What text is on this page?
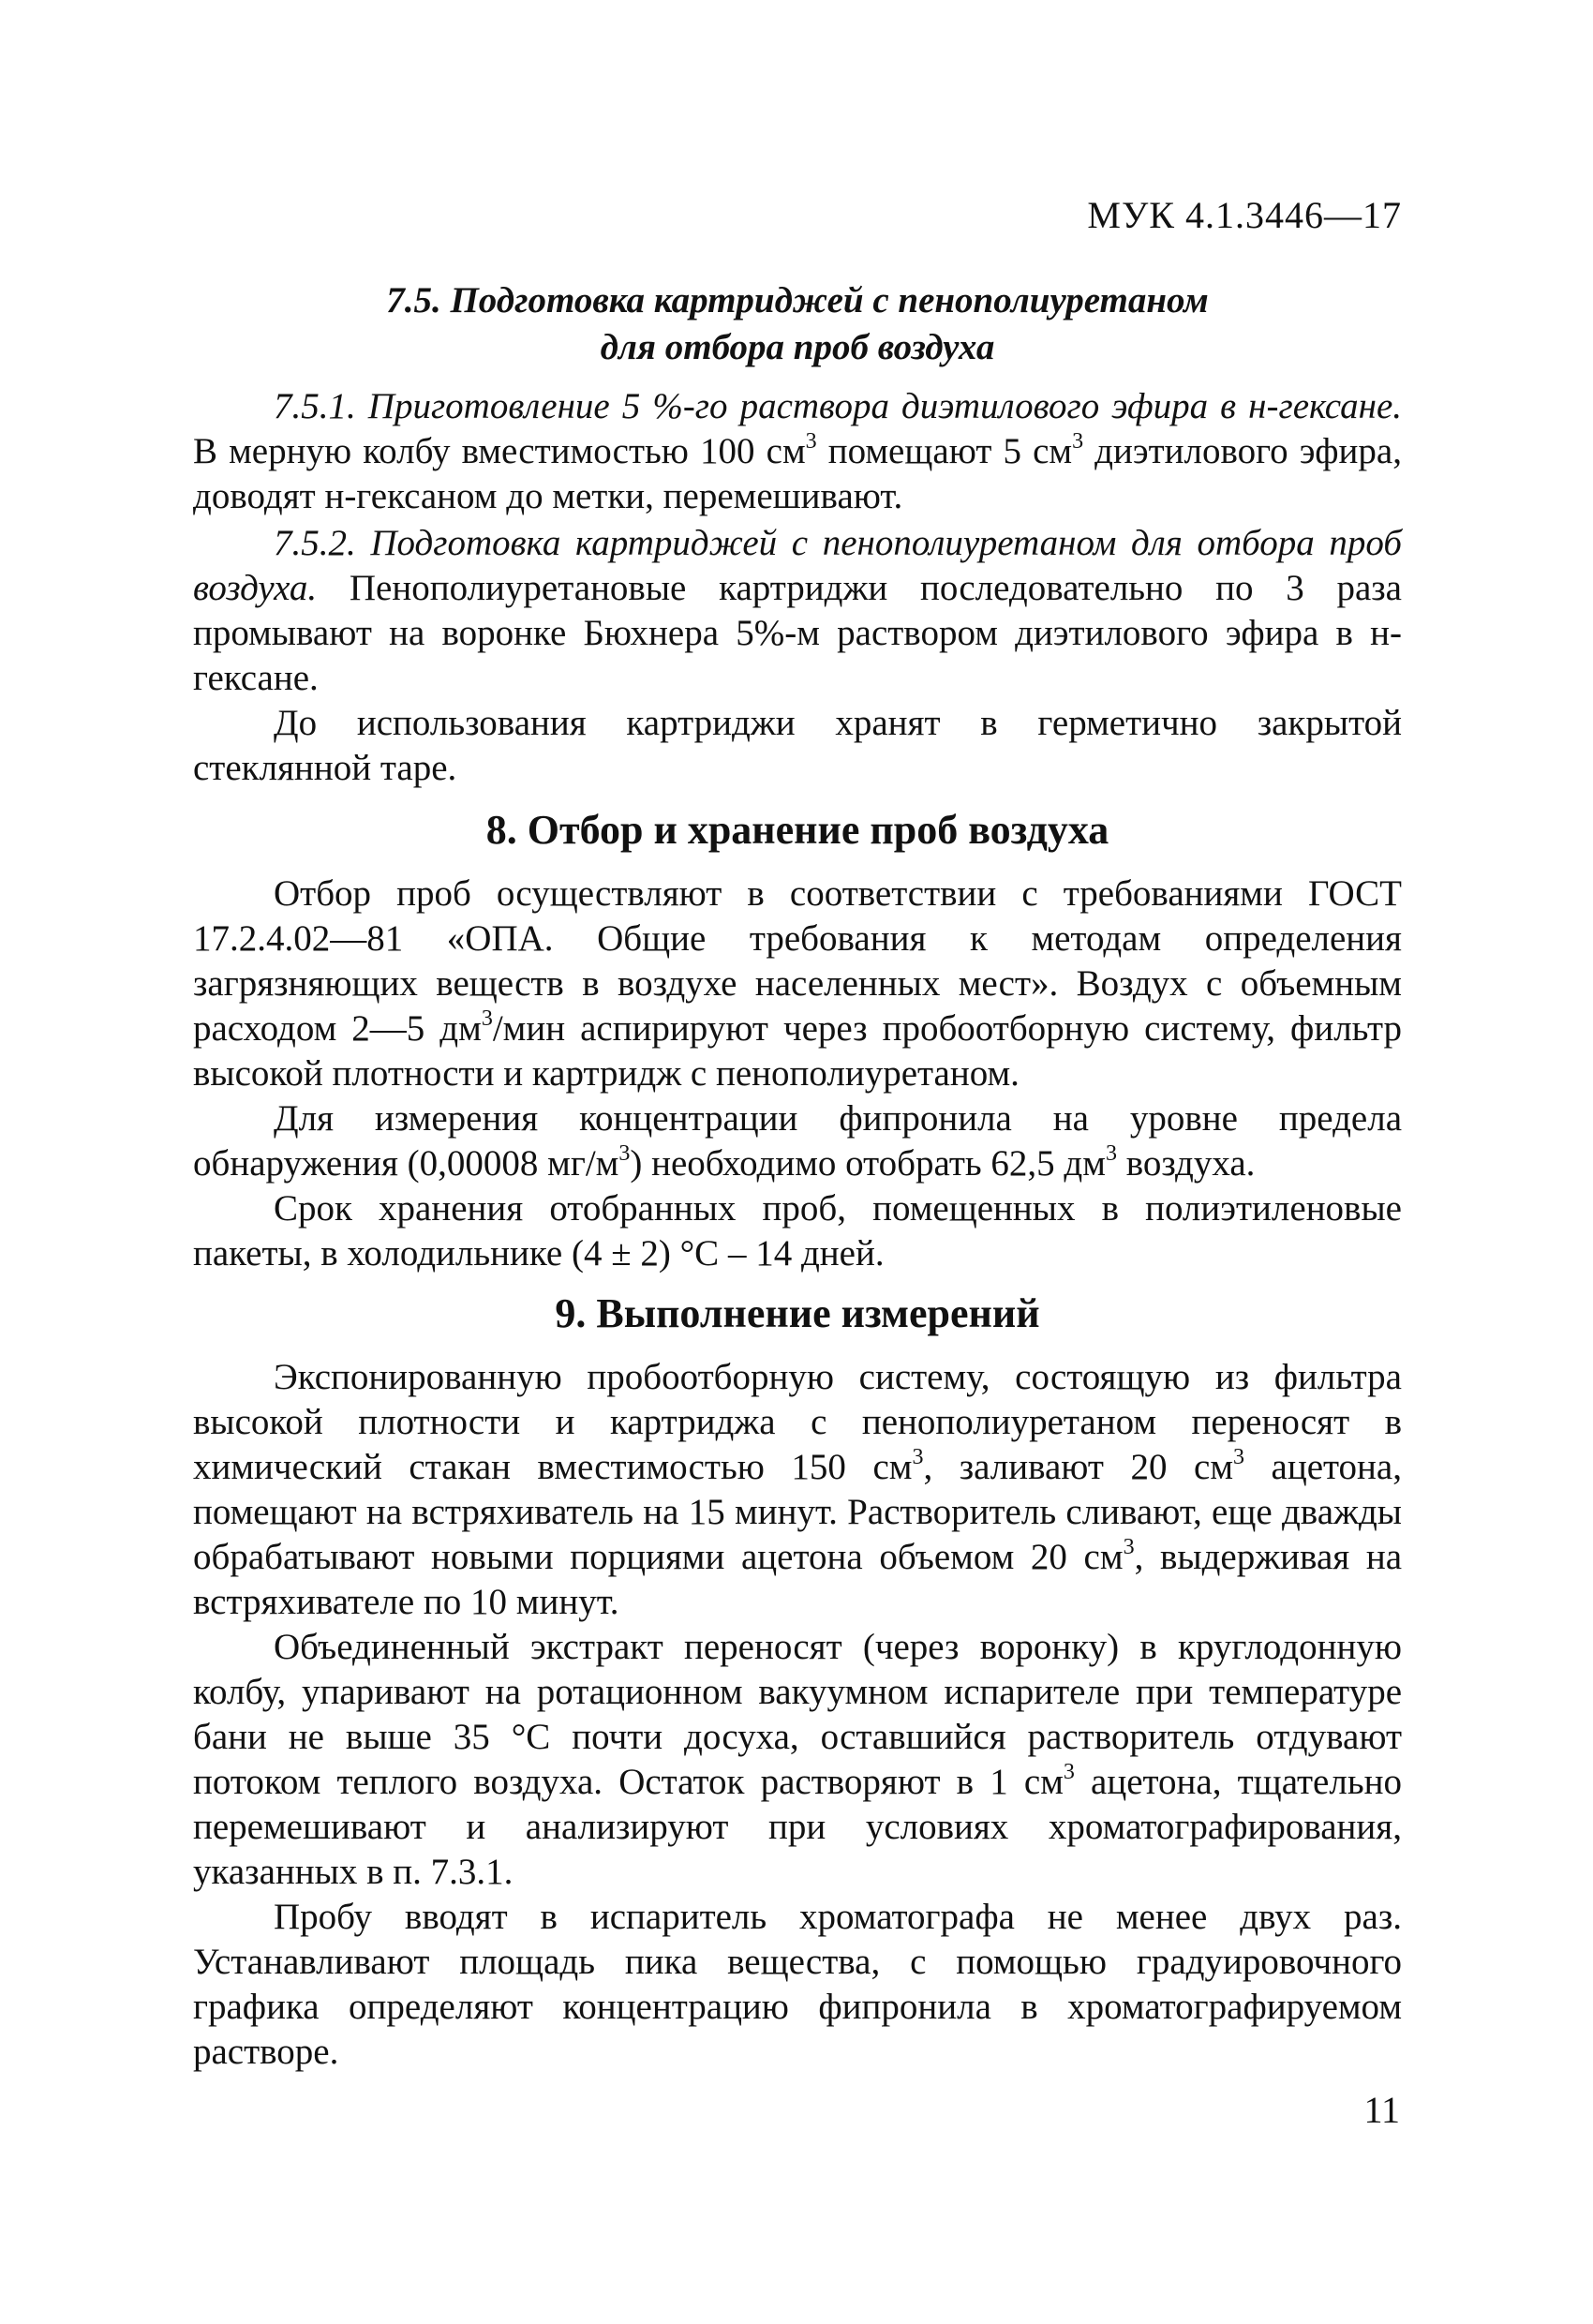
МУК 4.1.3446—17
7.5. Подготовка картриджей с пенополиуретаном
для отбора проб воздуха

7.5.1. Приготовление 5 %-го раствора диэтилового эфира в н-гексане. В мерную колбу вместимостью 100 $см^3$ помещают 5 $см^3$ диэтилового эфира, доводят н-гексаном до метки, перемешивают.

7.5.2. Подготовка картриджей с пенополиуретаном для отбора проб воздуха. Пенополиуретановые картриджи последовательно по 3 раза промывают на воронке Бюхнера 5%-м раствором диэтилового эфира в н-гексане.

До использования картриджи хранят в герметично закрытой стеклянной таре.

8. Отбор и хранение проб воздуха

Отбор проб осуществляют в соответствии с требованиями ГОСТ 17.2.4.02—81 «ОПА. Общие требования к методам определения загрязняющих веществ в воздухе населенных мест». Воздух с объемным расходом 2—5 $дм^3$/мин аспирируют через пробоотборную систему, фильтр высокой плотности и картридж с пенополиуретаном.

Для измерения концентрации фипронила на уровне предела обнаружения (0,00008 $мг/м^3$) необходимо отобрать 62,5 $дм^3$ воздуха.

Срок хранения отобранных проб, помещенных в полиэтиленовые пакеты, в холодильнике (4 ± 2) °С – 14 дней.

9. Выполнение измерений

Экспонированную пробоотборную систему, состоящую из фильтра высокой плотности и картриджа с пенополиуретаном переносят в химический стакан вместимостью 150 $см^3$, заливают 20 $см^3$ ацетона, помещают на встряхиватель на 15 минут. Растворитель сливают, еще дважды обрабатывают новыми порциями ацетона объемом 20 $см^3$, выдерживая на встряхивателе по 10 минут.

Объединенный экстракт переносят (через воронку) в круглодонную колбу, упаривают на ротационном вакуумном испарителе при температуре бани не выше 35 °С почти досуха, оставшийся растворитель отдувают потоком теплого воздуха. Остаток растворяют в 1 $см^3$ ацетона, тщательно перемешивают и анализируют при условиях хроматографирования, указанных в п. 7.3.1.

Пробу вводят в испаритель хроматографа не менее двух раз. Устанавливают площадь пика вещества, с помощью градуировочного графика определяют концентрацию фипронила в хроматографируемом растворе.

11
